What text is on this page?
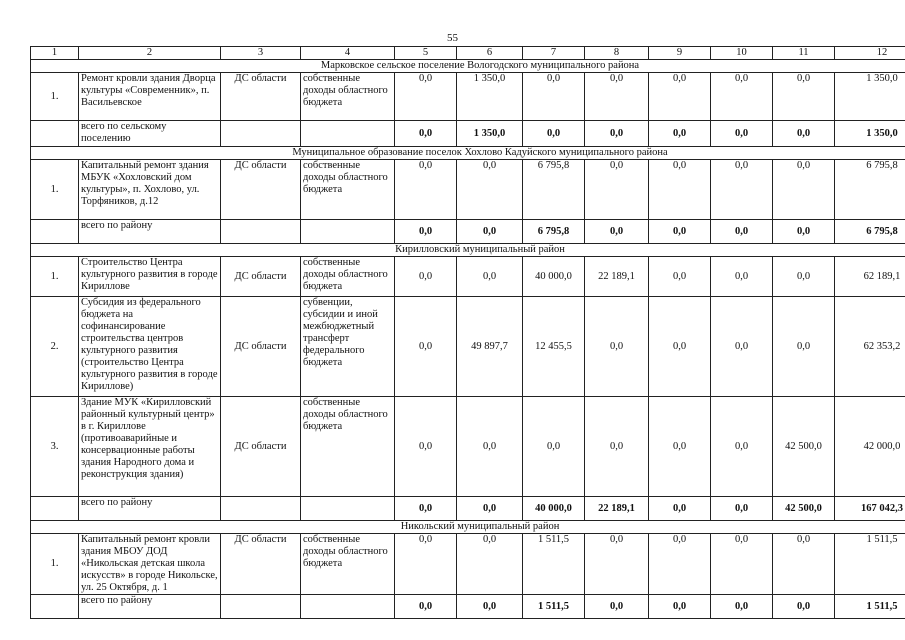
55
1	2	3	4	5	6	7	8	9	10	11	12
Марковское сельское поселение Вологодского муниципального района											
1.	Ремонт кровли здания Дворца культуры «Современник», п. Васильевское	ДС области	собственные доходы областного бюджета	0,0	1 350,0	0,0	0,0	0,0	0,0	0,0	1 350,0
	всего по сельскому поселению			0,0	1 350,0	0,0	0,0	0,0	0,0	0,0	1 350,0
Муниципальное образование поселок Хохлово Кадуйского муниципального района											
1.	Капитальный ремонт здания МБУК «Хохловский дом культуры», п. Хохлово, ул. Торфяников, д.12	ДС области	собственные доходы областного бюджета	0,0	0,0	6 795,8	0,0	0,0	0,0	0,0	6 795,8
	всего по району			0,0	0,0	6 795,8	0,0	0,0	0,0	0,0	6 795,8
Кирилловский муниципальный район											
1.	Строительство Центра культурного развития в городе Кириллове	ДС области	собственные доходы областного бюджета	0,0	0,0	40 000,0	22 189,1	0,0	0,0	0,0	62 189,1
2.	Субсидия из федерального бюджета на софинансирование строительства центров культурного развития (строительство Центра культурного развития в городе Кириллове)	ДС области	субвенции, субсидии и иной межбюджетный трансферт федерального бюджета	0,0	49 897,7	12 455,5	0,0	0,0	0,0	0,0	62 353,2
3.	Здание МУК «Кирилловский районный культурный центр» в г. Кириллове (противоаварийные и консервационные работы здания Народного дома и реконструкция здания)	ДС области	собственные доходы областного бюджета	0,0	0,0	0,0	0,0	0,0	0,0	42 500,0	42 000,0
	всего по району			0,0	0,0	40 000,0	22 189,1	0,0	0,0	42 500,0	167 042,3
Никольский муниципальный район											
1.	Капитальный ремонт кровли здания МБОУ ДОД «Никольская детская школа искусств» в городе Никольске, ул. 25 Октября, д. 1	ДС области	собственные доходы областного бюджета	0,0	0,0	1 511,5	0,0	0,0	0,0	0,0	1 511,5
	всего по району			0,0	0,0	1 511,5	0,0	0,0	0,0	0,0	1 511,5
